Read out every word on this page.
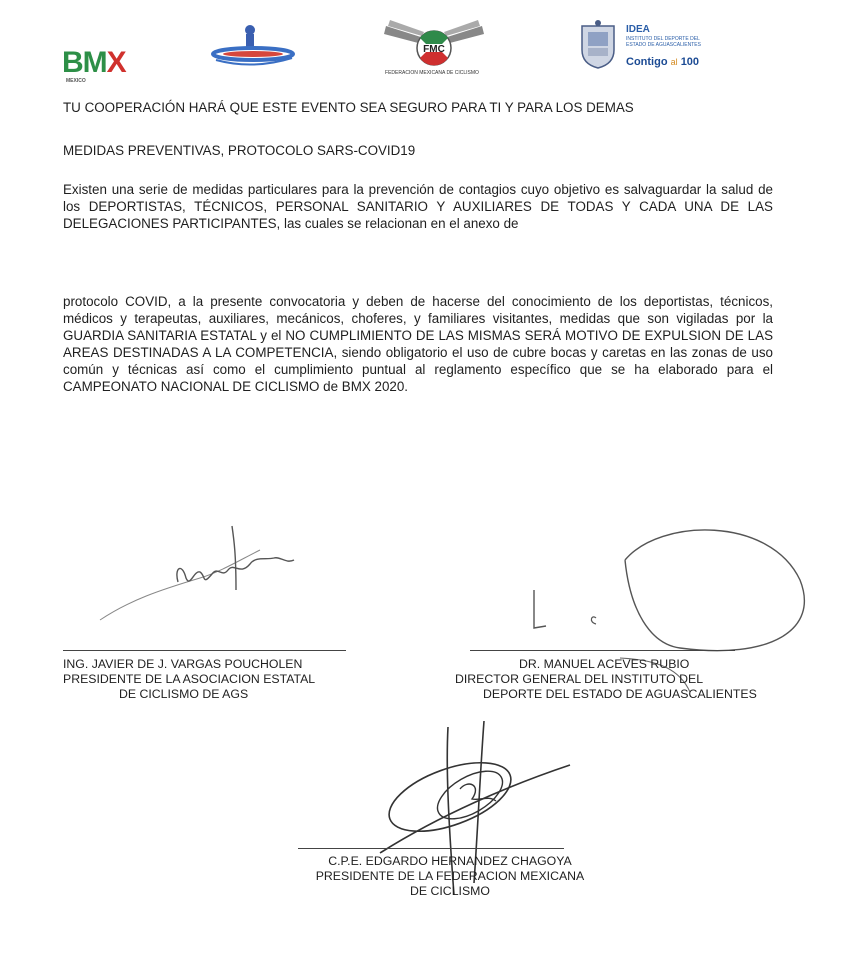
BMX
MEXICO
FMC
FEDERACION MEXICANA DE CICLISMO
IDEA
INSTITUTO DEL DEPORTE DEL ESTADO DE AGUASCALIENTES
Contigo al 100
TU COOPERACIÓN HARÁ QUE ESTE EVENTO SEA SEGURO PARA TI Y PARA LOS DEMAS
MEDIDAS PREVENTIVAS, PROTOCOLO SARS-COVID19
Existen una serie de medidas particulares para la prevención de contagios cuyo objetivo es salvaguardar la salud de los DEPORTISTAS, TÉCNICOS, PERSONAL SANITARIO Y AUXILIARES DE TODAS Y CADA UNA DE LAS DELEGACIONES PARTICIPANTES, las cuales se relacionan en el anexo de
protocolo COVID, a la presente convocatoria y deben de hacerse del conocimiento de los deportistas, técnicos, médicos y terapeutas, auxiliares, mecánicos, choferes, y familiares visitantes, medidas que son vigiladas por la GUARDIA SANITARIA ESTATAL y el NO CUMPLIMIENTO DE LAS MISMAS SERÁ MOTIVO DE EXPULSION DE LAS AREAS DESTINADAS A LA COMPETENCIA, siendo obligatorio el uso de cubre bocas y caretas en las zonas de uso común y técnicas así como el cumplimiento puntual al reglamento específico que se ha elaborado para el CAMPEONATO NACIONAL DE CICLISMO de BMX 2020.
ING. JAVIER DE J. VARGAS POUCHOLEN
PRESIDENTE DE LA ASOCIACION ESTATAL
DE CICLISMO DE AGS
DR. MANUEL ACEVES RUBIO
DIRECTOR GENERAL DEL INSTITUTO DEL
DEPORTE DEL ESTADO DE AGUASCALIENTES
C.P.E. EDGARDO HERNANDEZ CHAGOYA
PRESIDENTE DE LA FEDERACION MEXICANA
DE CICLISMO
